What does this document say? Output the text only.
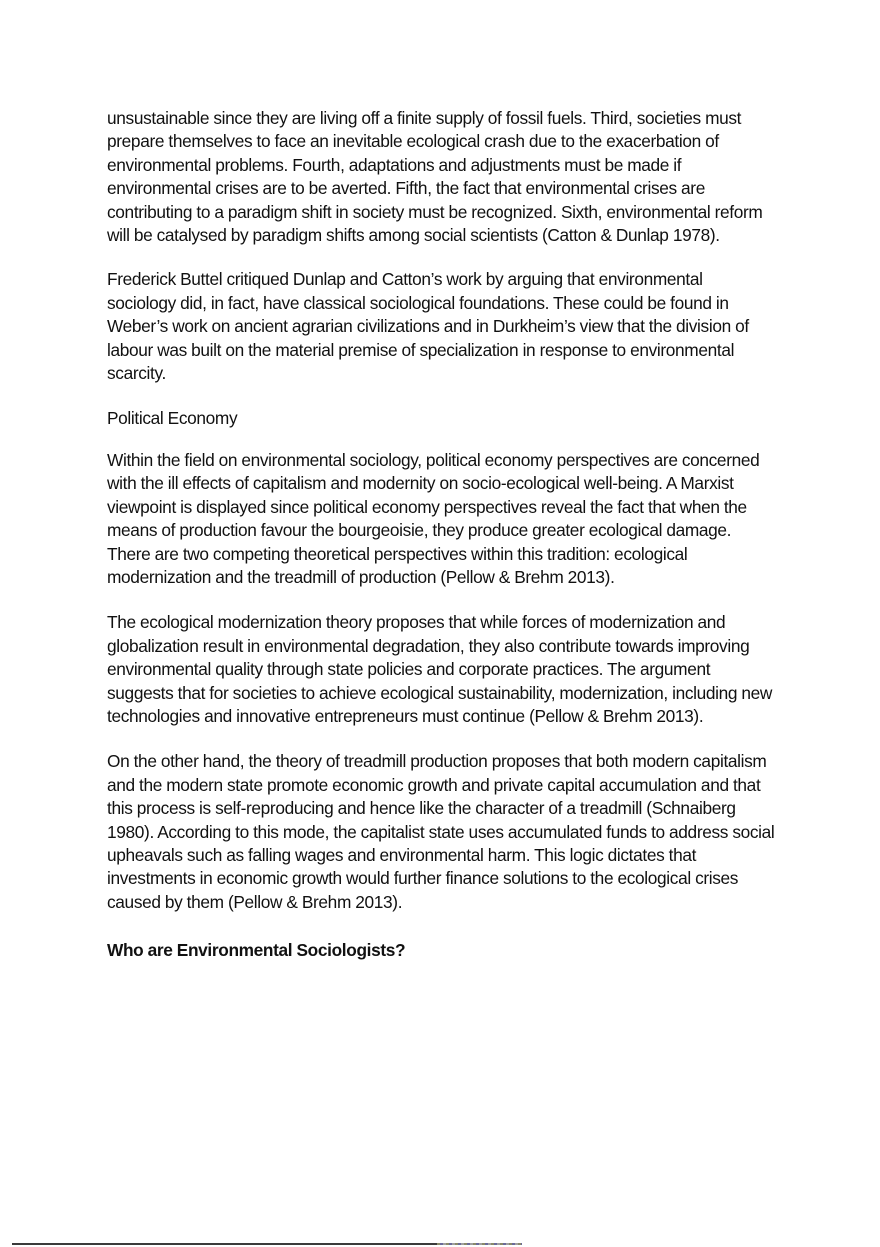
unsustainable since they are living off a finite supply of fossil fuels. Third, societies must prepare themselves to face an inevitable ecological crash due to the exacerbation of environmental problems. Fourth, adaptations and adjustments must be made if environmental crises are to be averted. Fifth, the fact that environmental crises are contributing to a paradigm shift in society must be recognized. Sixth, environmental reform will be catalysed by paradigm shifts among social scientists (Catton & Dunlap 1978).

Frederick Buttel critiqued Dunlap and Catton’s work by arguing that environmental sociology did, in fact, have classical sociological foundations. These could be found in Weber’s work on ancient agrarian civilizations and in Durkheim’s view that the division of labour was built on the material premise of specialization in response to environmental scarcity.

Political Economy

Within the field on environmental sociology, political economy perspectives are concerned with the ill effects of capitalism and modernity on socio-ecological well-being. A Marxist viewpoint is displayed since political economy perspectives reveal the fact that when the means of production favour the bourgeoisie, they produce greater ecological damage. There are two competing theoretical perspectives within this tradition: ecological modernization and the treadmill of production (Pellow & Brehm 2013).

The ecological modernization theory proposes that while forces of modernization and globalization result in environmental degradation, they also contribute towards improving environmental quality through state policies and corporate practices. The argument suggests that for societies to achieve ecological sustainability, modernization, including new technologies and innovative entrepreneurs must continue (Pellow & Brehm 2013).

On the other hand, the theory of treadmill production proposes that both modern capitalism and the modern state promote economic growth and private capital accumulation and that this process is self-reproducing and hence like the character of a treadmill (Schnaiberg 1980). According to this mode, the capitalist state uses accumulated funds to address social upheavals such as falling wages and environmental harm. This logic dictates that investments in economic growth would further finance solutions to the ecological crises caused by them (Pellow & Brehm 2013).

Who are Environmental Sociologists?
